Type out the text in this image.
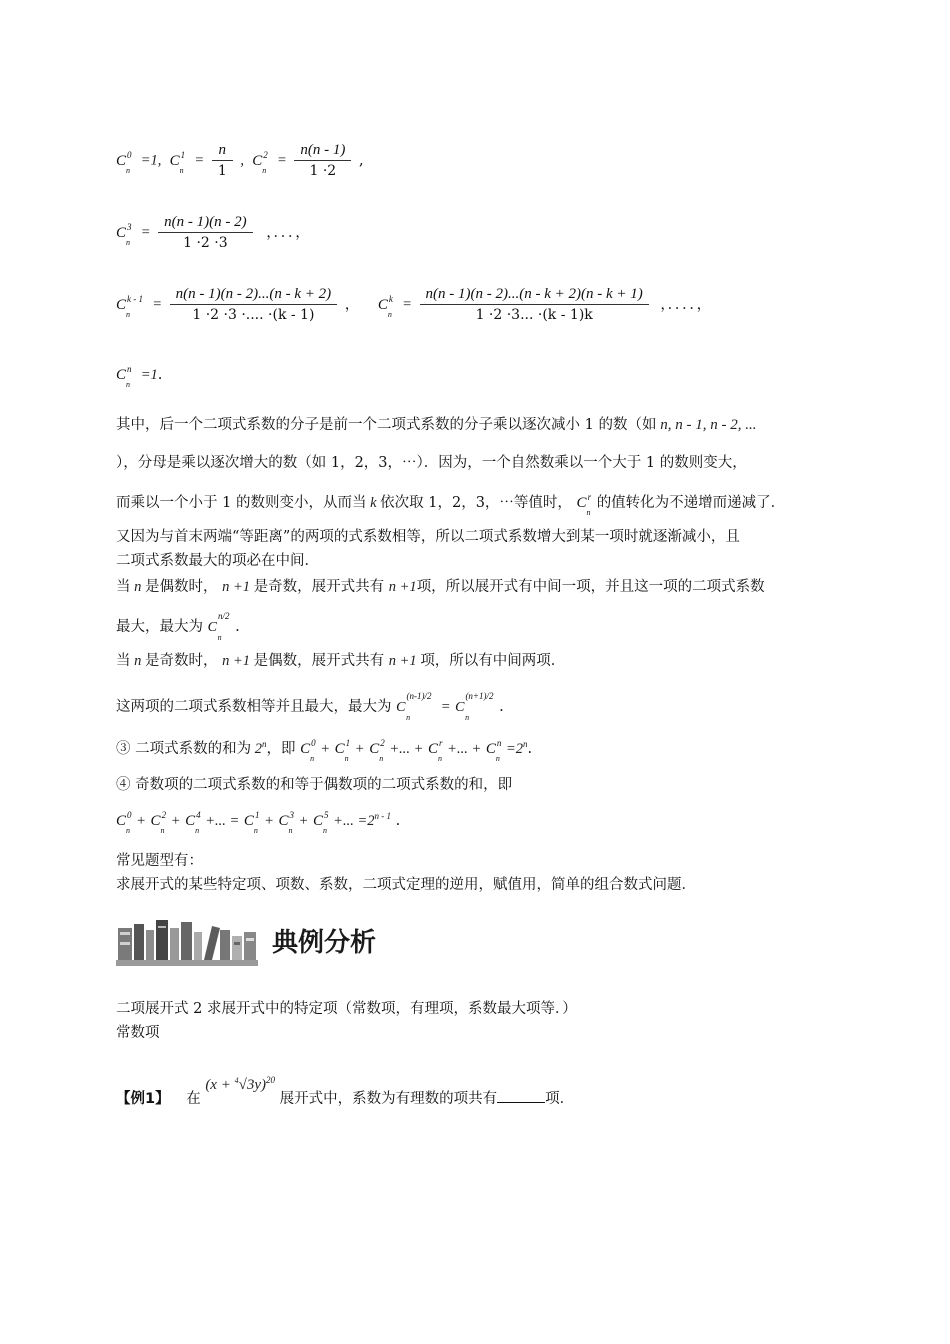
$C^0$
n
=1,  $C^1$
n
= $\frac{n}{1}$ ,  $C^2$
n
= $\frac{n(n - 1)}{1 \cdot 2}$ ,
$C^3$
n
= $\frac{n(n - 1)(n - 2)}{1 \cdot 2 \cdot 3}$ ，．．．，
$C^{k - 1}$
n
= $\frac{n(n - 1)(n - 2)...(n - k + 2)}{1 \cdot 2 \cdot 3 \cdot.... \cdot(k - 1)}$ ， $C^k$
n
= $\frac{n(n - 1)(n - 2)...(n - k + 2)(n - k + 1)}{1 \cdot 2 \cdot 3... \cdot(k - 1)k}$ ，．．．．，
$C^n$
n
=1.
其中，后一个二项式系数的分子是前一个二项式系数的分子乘以逐次减小 1 的数（如 n, n - 1, n - 2, ...
），分母是乘以逐次增大的数（如 1，2，3，⋯）．因为，一个自然数乘以一个大于 1 的数则变大，
而乘以一个小于 1 的数则变小，从而当 k 依次取 1，2，3，⋯等值时， $C^r$
n
的值转化为不递增而递减了．
又因为与首末两端“等距离”的两项的式系数相等，所以二项式系数增大到某一项时就逐渐减小，且
二项式系数最大的项必在中间．
当 n 是偶数时， n +1 是奇数，展开式共有 n +1项，所以展开式有中间一项，并且这一项的二项式系数
最大，最大为 $C^{n/2}$
n
.
当 n 是奇数时， n +1 是偶数，展开式共有 n +1 项，所以有中间两项．
这两项的二项式系数相等并且最大，最大为 $C^{(n-1)/2}$
n
= $C^{(n+1)/2}$
n
.
③ 二项式系数的和为 2$^n$，即 $C^0$
n
+ $C^1$
n
+ $C^2$
n
+... + $C^r$
n
+... + $C^n$
n
$=2^n$.
④ 奇数项的二项式系数的和等于偶数项的二项式系数的和，即
$C^0$
n
+ $C^2$
n
+ $C^4$
n
+... = $C^1$
n
+ $C^3$
n
+ $C^5$
n
+... $=2^{n - 1}$ .
常见题型有：
求展开式的某些特定项、项数、系数，二项式定理的逆用，赋值用，简单的组合数式问题．
典例分析
二项展开式 2 求展开式中的特定项（常数项，有理项，系数最大项等．）
常数项
【例1】 在 $(x + ^4√3y)^{20}$ 展开式中，系数为有理数的项共有	项．
